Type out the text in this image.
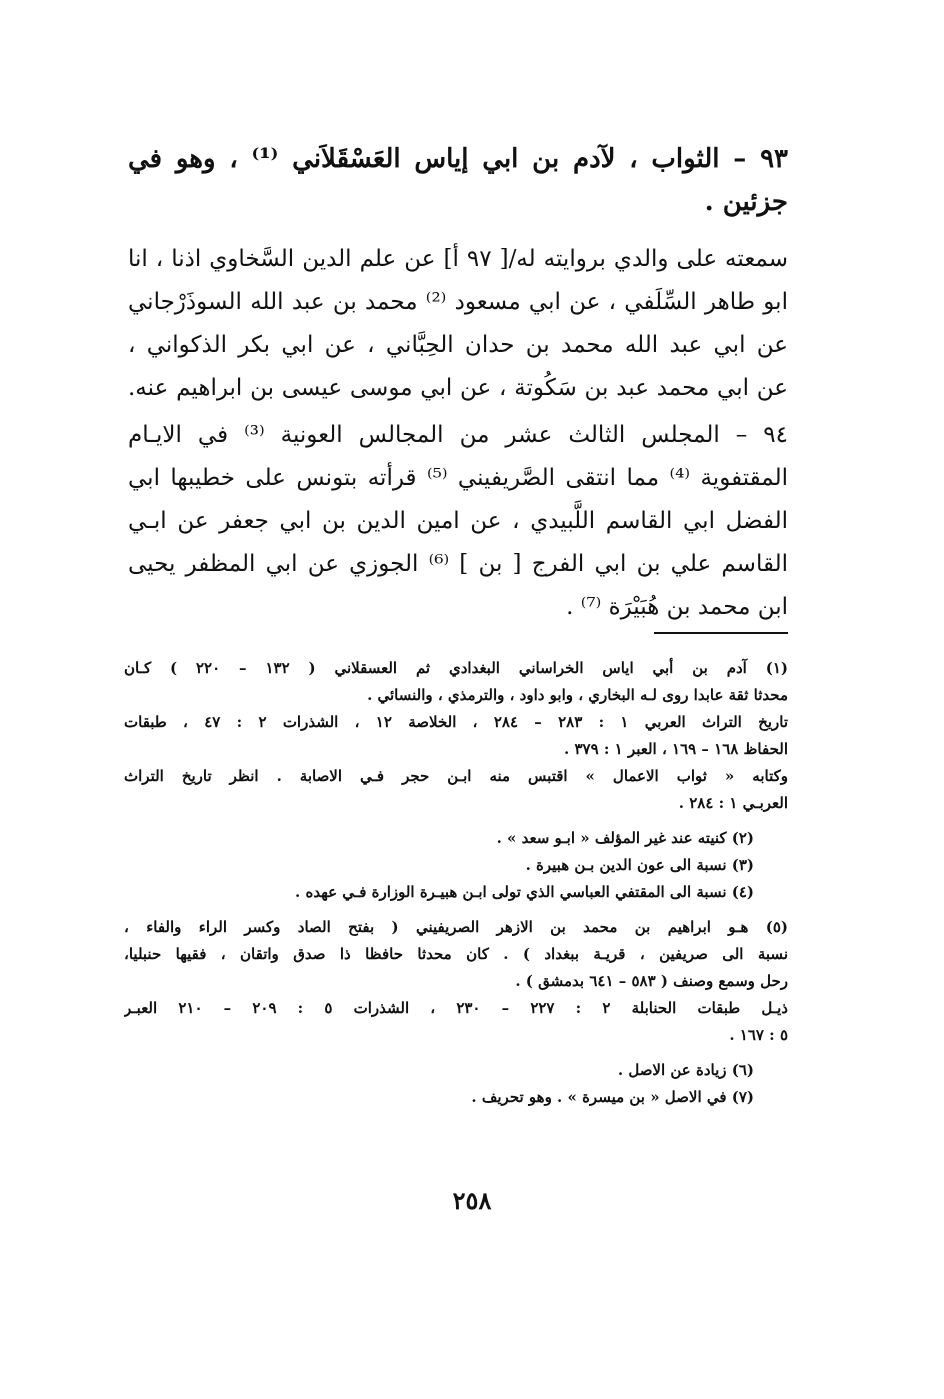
٩٣ – الثواب ، لآدم بن ابي إياس العَسْقَلاَني ⁽¹⁾ ، وهو في
جزئين .
سمعته على والدي بروايته له/[ ٩٧ أ] عن علم الدين السَّخاوي اذنا ، انا
ابو طاهر السِّلَفي ، عن ابي مسعود ⁽²⁾ محمد بن عبد الله السوذَرْجاني
عن ابي عبد الله محمد بن حدان الحِبَّاني ، عن ابي بكر الذكواني ،
عن ابي محمد عبد بن سَكُوتة ، عن ابي موسى عيسى بن ابراهيم عنه.
٩٤ – المجلس الثالث عشر من المجالس العونية ⁽³⁾ في الايـام
المقتفوية ⁽⁴⁾ مما انتقى الصَّريفيني ⁽⁵⁾ قرأته بتونس على خطيبها ابي
الفضل ابي القاسم اللَّبيدي ، عن امين الدين بن ابي جعفر عن ابـي
القاسم علي بن ابي الفرج [ بن ] ⁽⁶⁾ الجوزي عن ابي المظفر يحيى
ابن محمد بن هُبَيْرَة ⁽⁷⁾ .
(١) آدم بن أبي اياس الخراساني البغدادي ثم العسقلاني ( ١٣٢ – ٢٢٠ ) كـان
محدثا ثقة عابدا روى لـه البخاري ، وابو داود ، والترمذي ، والنسائي .
تاريخ التراث العربي ١ : ٢٨٣ – ٢٨٤ ، الخلاصة ١٢ ، الشذرات ٢ : ٤٧ ، طبقات
الحفاظ ١٦٨ – ١٦٩ ، العبر ١ : ٣٧٩ .
وكتابه « ثواب الاعمال » اقتبس منه ابـن حجر فـي الاصابة . انظر تاريخ التراث
العربـي ١ : ٢٨٤ .
(٢) كنيته عند غير المؤلف « ابـو سعد » .
(٣) نسبة الى عون الدين بـن هبيرة .
(٤) نسبة الى المقتفي العباسي الذي تولى ابـن هبيـرة الوزارة فـي عهده .
(٥) هـو ابراهيم بن محمد بن الازهر الصريفيني ( بفتح الصاد وكسر الراء والفاء ،
نسبة الى صريفين ، قريـة ببغداد ) . كان محدثا حافظا ذا صدق واتقان ، فقيها حنبليا،
رحل وسمع وصنف ( ٥٨٣ – ٦٤١ بدمشق ) .
ذيـل طبقات الحنابلة ٢ : ٢٢٧ – ٢٣٠ ، الشذرات ٥ : ٢٠٩ – ٢١٠ العبـر
٥ : ١٦٧ .
(٦) زيادة عن الاصل .
(٧) في الاصل « بن ميسرة » . وهو تحريف .
٢٥٨
